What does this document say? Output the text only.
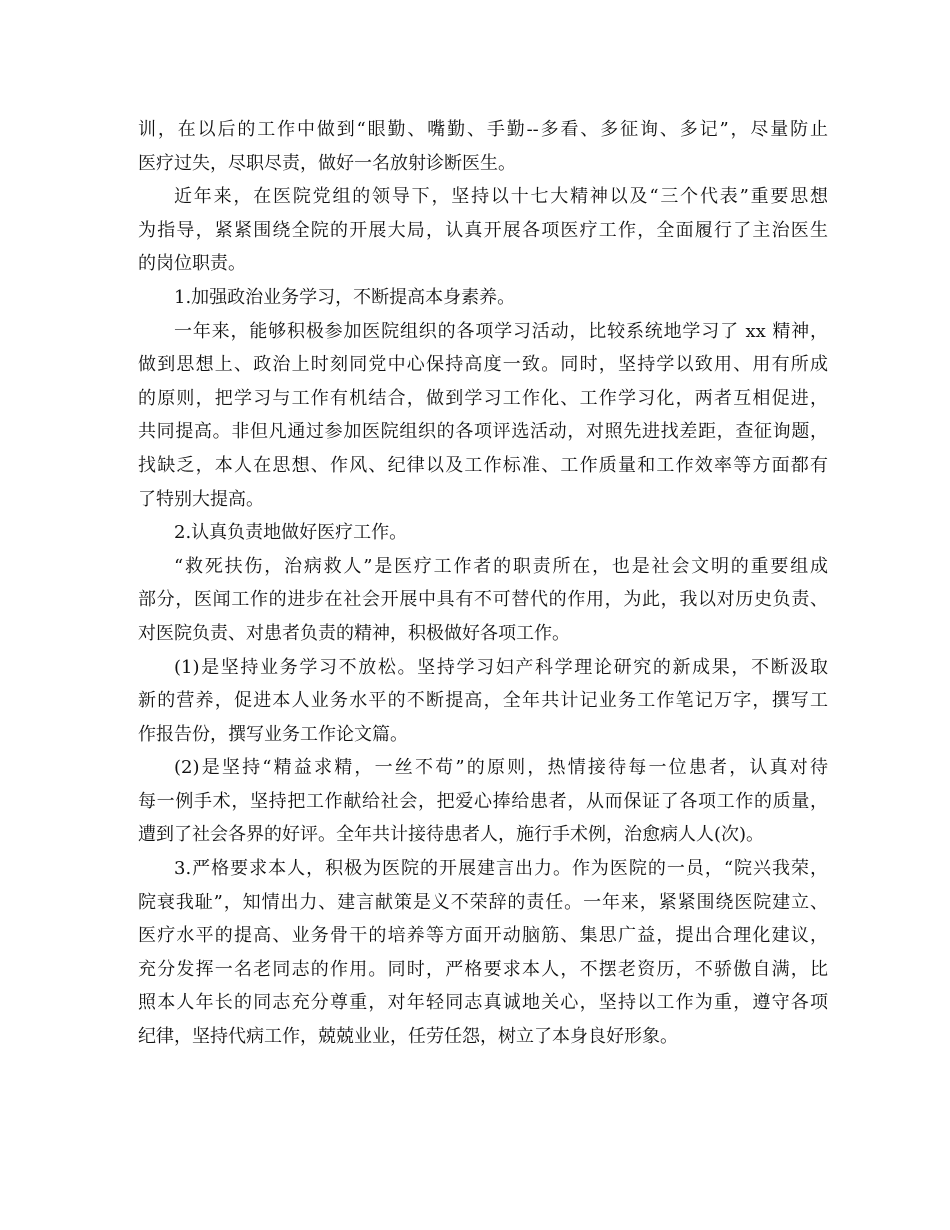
训，在以后的工作中做到“眼勤、嘴勤、手勤--多看、多征询、多记”，尽量防止
医疗过失，尽职尽责，做好一名放射诊断医生。

近年来，在医院党组的领导下，坚持以十七大精神以及“三个代表”重要思想
为指导，紧紧围绕全院的开展大局，认真开展各项医疗工作，全面履行了主治医生
的岗位职责。

1.加强政治业务学习，不断提高本身素养。

一年来，能够积极参加医院组织的各项学习活动，比较系统地学习了 xx 精神，
做到思想上、政治上时刻同党中心保持高度一致。同时，坚持学以致用、用有所成
的原则，把学习与工作有机结合，做到学习工作化、工作学习化，两者互相促进，
共同提高。非但凡通过参加医院组织的各项评选活动，对照先进找差距，查征询题，
找缺乏，本人在思想、作风、纪律以及工作标准、工作质量和工作效率等方面都有
了特别大提高。

2.认真负责地做好医疗工作。

“救死扶伤，治病救人”是医疗工作者的职责所在，也是社会文明的重要组成
部分，医闻工作的进步在社会开展中具有不可替代的作用，为此，我以对历史负责、
对医院负责、对患者负责的精神，积极做好各项工作。

(1)是坚持业务学习不放松。坚持学习妇产科学理论研究的新成果，不断汲取
新的营养，促进本人业务水平的不断提高，全年共计记业务工作笔记万字，撰写工
作报告份，撰写业务工作论文篇。

(2)是坚持“精益求精，一丝不苟”的原则，热情接待每一位患者，认真对待
每一例手术，坚持把工作献给社会，把爱心捧给患者，从而保证了各项工作的质量，
遭到了社会各界的好评。全年共计接待患者人，施行手术例，治愈病人人(次)。

3.严格要求本人，积极为医院的开展建言出力。作为医院的一员，“院兴我荣，
院衰我耻”，知情出力、建言献策是义不荣辞的责任。一年来，紧紧围绕医院建立、
医疗水平的提高、业务骨干的培养等方面开动脑筋、集思广益，提出合理化建议，
充分发挥一名老同志的作用。同时，严格要求本人，不摆老资历，不骄傲自满，比
照本人年长的同志充分尊重，对年轻同志真诚地关心，坚持以工作为重，遵守各项
纪律，坚持代病工作，兢兢业业，任劳任怨，树立了本身良好形象。
